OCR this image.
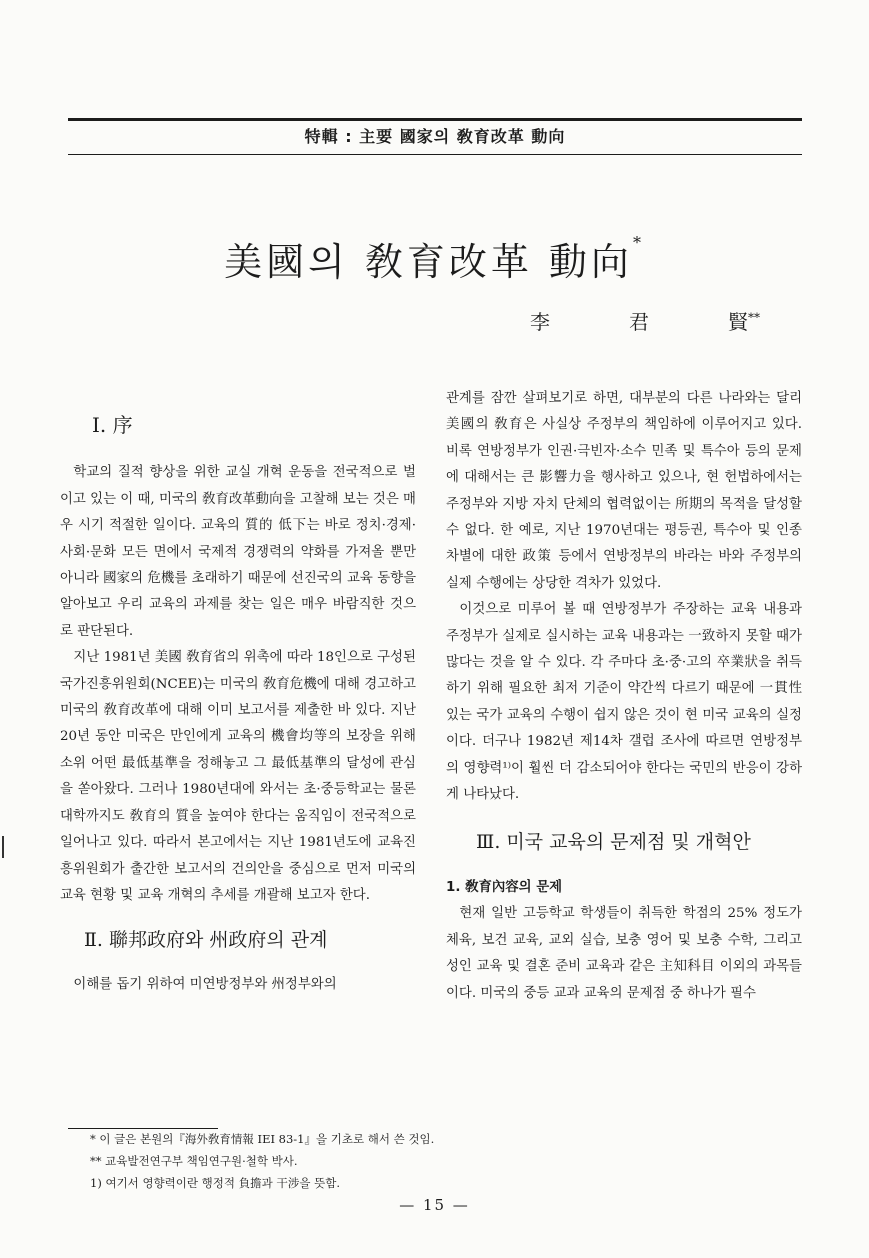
特輯 : 主要 國家의 敎育改革 動向
美國의 敎育改革 動向*
李	君	賢**
Ⅰ. 序

학교의 질적 향상을 위한 교실 개혁 운동을 전국적으로 벌이고 있는 이 때, 미국의 敎育改革動向을 고찰해 보는 것은 매우 시기 적절한 일이다. 교육의 質的 低下는 바로 정치·경제·사회·문화 모든 면에서 국제적 경쟁력의 약화를 가져올 뿐만 아니라 國家의 危機를 초래하기 때문에 선진국의 교육 동향을 알아보고 우리 교육의 과제를 찾는 일은 매우 바람직한 것으로 판단된다.

지난 1981년 美國 敎育省의 위촉에 따라 18인으로 구성된 국가진흥위원회(NCEE)는 미국의 敎育危機에 대해 경고하고 미국의 敎育改革에 대해 이미 보고서를 제출한 바 있다. 지난 20년 동안 미국은 만인에게 교육의 機會均等의 보장을 위해 소위 어떤 最低基準을 정해놓고 그 最低基準의 달성에 관심을 쏟아왔다. 그러나 1980년대에 와서는 초·중등학교는 물론 대학까지도 敎育의 質을 높여야 한다는 움직임이 전국적으로 일어나고 있다. 따라서 본고에서는 지난 1981년도에 교육진흥위원회가 출간한 보고서의 건의안을 중심으로 먼저 미국의 교육 현황 및 교육 개혁의 추세를 개괄해 보고자 한다.

Ⅱ. 聯邦政府와 州政府의 관계

이해를 돕기 위하여 미연방정부와 州정부와의

관계를 잠깐 살펴보기로 하면, 대부분의 다른 나라와는 달리 美國의 敎育은 사실상 주정부의 책임하에 이루어지고 있다. 비록 연방정부가 인권·극빈자·소수 민족 및 특수아 등의 문제에 대해서는 큰 影響力을 행사하고 있으나, 현 헌법하에서는 주정부와 지방 자치 단체의 협력없이는 所期의 목적을 달성할 수 없다. 한 예로, 지난 1970년대는 평등권, 특수아 및 인종 차별에 대한 政策 등에서 연방정부의 바라는 바와 주정부의 실제 수행에는 상당한 격차가 있었다.

이것으로 미루어 볼 때 연방정부가 주장하는 교육 내용과 주정부가 실제로 실시하는 교육 내용과는 一致하지 못할 때가 많다는 것을 알 수 있다. 각 주마다 초·중·고의 卒業狀을 취득하기 위해 필요한 최저 기준이 약간씩 다르기 때문에 一貫性있는 국가 교육의 수행이 쉽지 않은 것이 현 미국 교육의 실정이다. 더구나 1982년 제14차 갤럽 조사에 따르면 연방정부의 영향력¹⁾이 훨씬 더 감소되어야 한다는 국민의 반응이 강하게 나타났다.

Ⅲ. 미국 교육의 문제점 및 개혁안
1. 敎育內容의 문제

현재 일반 고등학교 학생들이 취득한 학점의 25% 정도가 체육, 보건 교육, 교외 실습, 보충 영어 및 보충 수학, 그리고 성인 교육 및 결혼 준비 교육과 같은 主知科目 이외의 과목들이다. 미국의 중등 교과 교육의 문제점 중 하나가 필수

* 이 글은 본원의『海外敎育情報 IEI 83-1』을 기초로 해서 쓴 것임.
** 교육발전연구부 책임연구원·철학 박사.
1) 여기서 영향력이란 행정적 負擔과 干涉을 뜻함.
— 15 —
